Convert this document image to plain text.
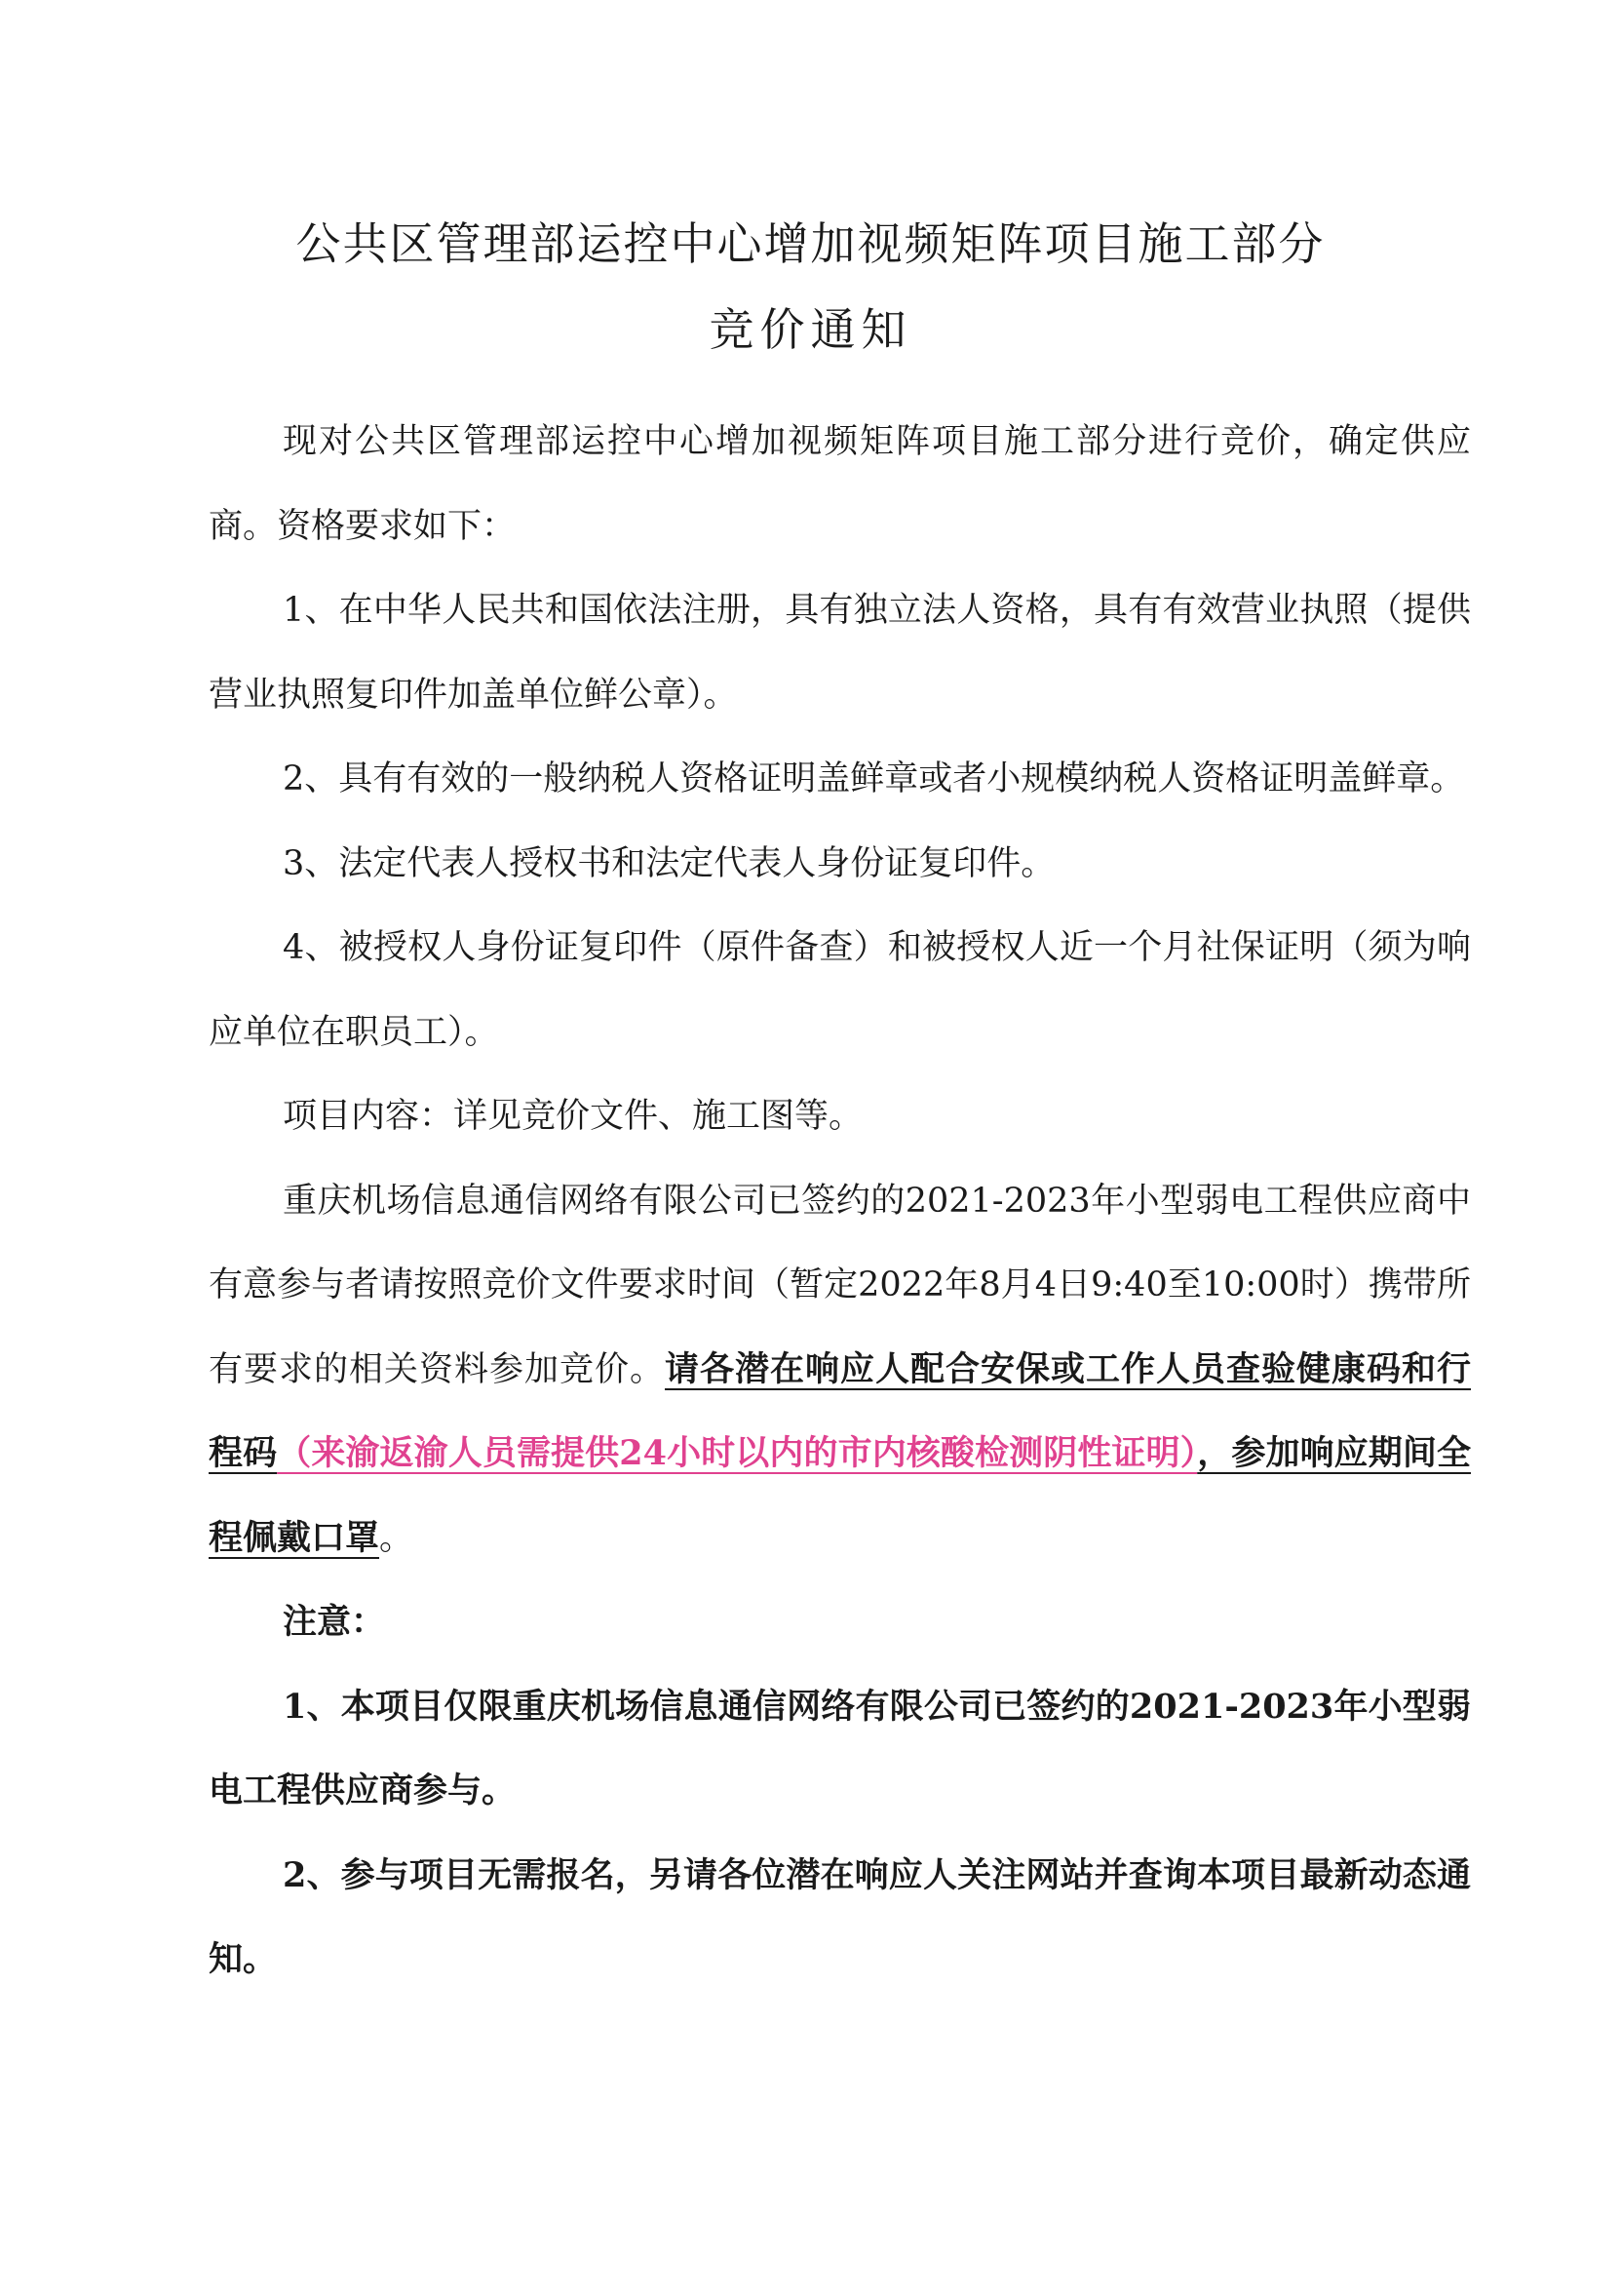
公共区管理部运控中心增加视频矩阵项目施工部分
竞价通知

现对公共区管理部运控中心增加视频矩阵项目施工部分进行竞价，确定供应商。资格要求如下：

1、在中华人民共和国依法注册，具有独立法人资格，具有有效营业执照（提供营业执照复印件加盖单位鲜公章）。

2、具有有效的一般纳税人资格证明盖鲜章或者小规模纳税人资格证明盖鲜章。

3、法定代表人授权书和法定代表人身份证复印件。

4、被授权人身份证复印件（原件备查）和被授权人近一个月社保证明（须为响应单位在职员工）。

项目内容：详见竞价文件、施工图等。

重庆机场信息通信网络有限公司已签约的2021-2023年小型弱电工程供应商中有意参与者请按照竞价文件要求时间（暂定2022年8月4日9:40至10:00时）携带所有要求的相关资料参加竞价。请各潜在响应人配合安保或工作人员查验健康码和行程码（来渝返渝人员需提供24小时以内的市内核酸检测阴性证明），参加响应期间全程佩戴口罩。

注意：

1、本项目仅限重庆机场信息通信网络有限公司已签约的2021-2023年小型弱电工程供应商参与。

2、参与项目无需报名，另请各位潜在响应人关注网站并查询本项目最新动态通知。
